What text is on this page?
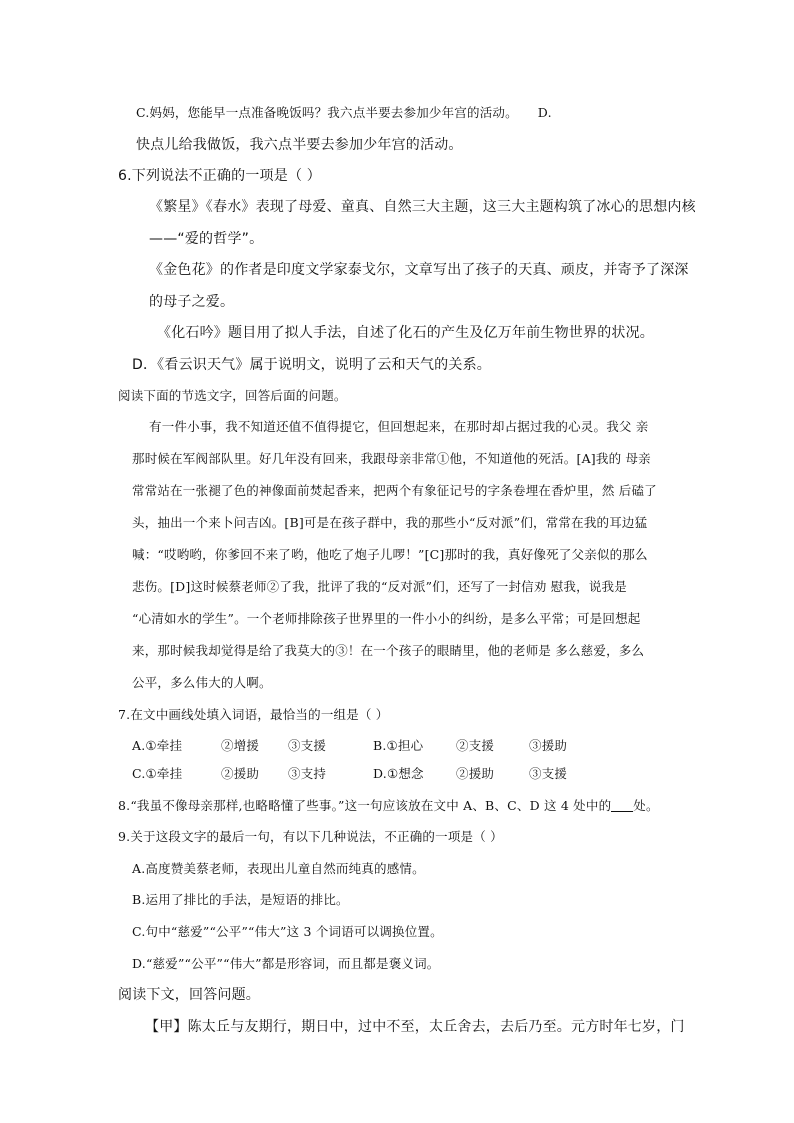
C.妈妈，您能早一点准备晚饭吗？我六点半要去参加少年宫的活动。 D.
快点儿给我做饭，我六点半要去参加少年宫的活动。
6.下列说法不正确的一项是（ ）
《繁星》《春水》表现了母爱、童真、自然三大主题，这三大主题构筑了冰心的思想内核
——“爱的哲学”。
《金色花》的作者是印度文学家泰戈尔，文章写出了孩子的天真、顽皮，并寄予了深深
的母子之爱。
《化石吟》题目用了拟人手法，自述了化石的产生及亿万年前生物世界的状况。
D．《看云识天气》属于说明文，说明了云和天气的关系。
阅读下面的节选文字，回答后面的问题。
有一件小事，我不知道还值不值得提它，但回想起来，在那时却占据过我的心灵。我父 亲
那时候在军阀部队里。好几年没有回来，我跟母亲非常①他，不知道他的死活。[A]我的 母亲
常常站在一张褪了色的神像面前焚起香来，把两个有象征记号的字条卷埋在香炉里，然 后磕了
头，抽出一个来卜问吉凶。[B]可是在孩子群中，我的那些小“反对派”们，常常在我的耳边猛
喊：“哎哟哟，你爹回不来了哟，他吃了炮子儿啰！”[C]那时的我，真好像死了父亲似的那么
悲伤。[D]这时候蔡老师②了我，批评了我的“反对派”们，还写了一封信劝 慰我，说我是
“心清如水的学生”。一个老师排除孩子世界里的一件小小的纠纷，是多么平常；可是回想起
来，那时候我却觉得是给了我莫大的③！在一个孩子的眼睛里，他的老师是 多么慈爱，多么
公平，多么伟大的人啊。
7.在文中画线处填入词语，最恰当的一组是（ ）
A.①牵挂	②增援 ③支援	B.①担心	②支援	③援助
C.①牵挂	②援助 ③支持	D.①想念	②援助	③支援
8.“我虽不像母亲那样,也略略懂了些事。”这一句应该放在文中 A、B、C、D 这 4 处中的 处。
9.关于这段文字的最后一句，有以下几种说法，不正确的一项是（ ）
A.高度赞美蔡老师，表现出儿童自然而纯真的感情。
B.运用了排比的手法，是短语的排比。
C.句中“慈爱”“公平”“伟大”这 3 个词语可以调换位置。
D.“慈爱”“公平”“伟大”都是形容词，而且都是褒义词。
阅读下文，回答问题。
【甲】陈太丘与友期行，期日中，过中不至，太丘舍去，去后乃至。元方时年七岁，门
